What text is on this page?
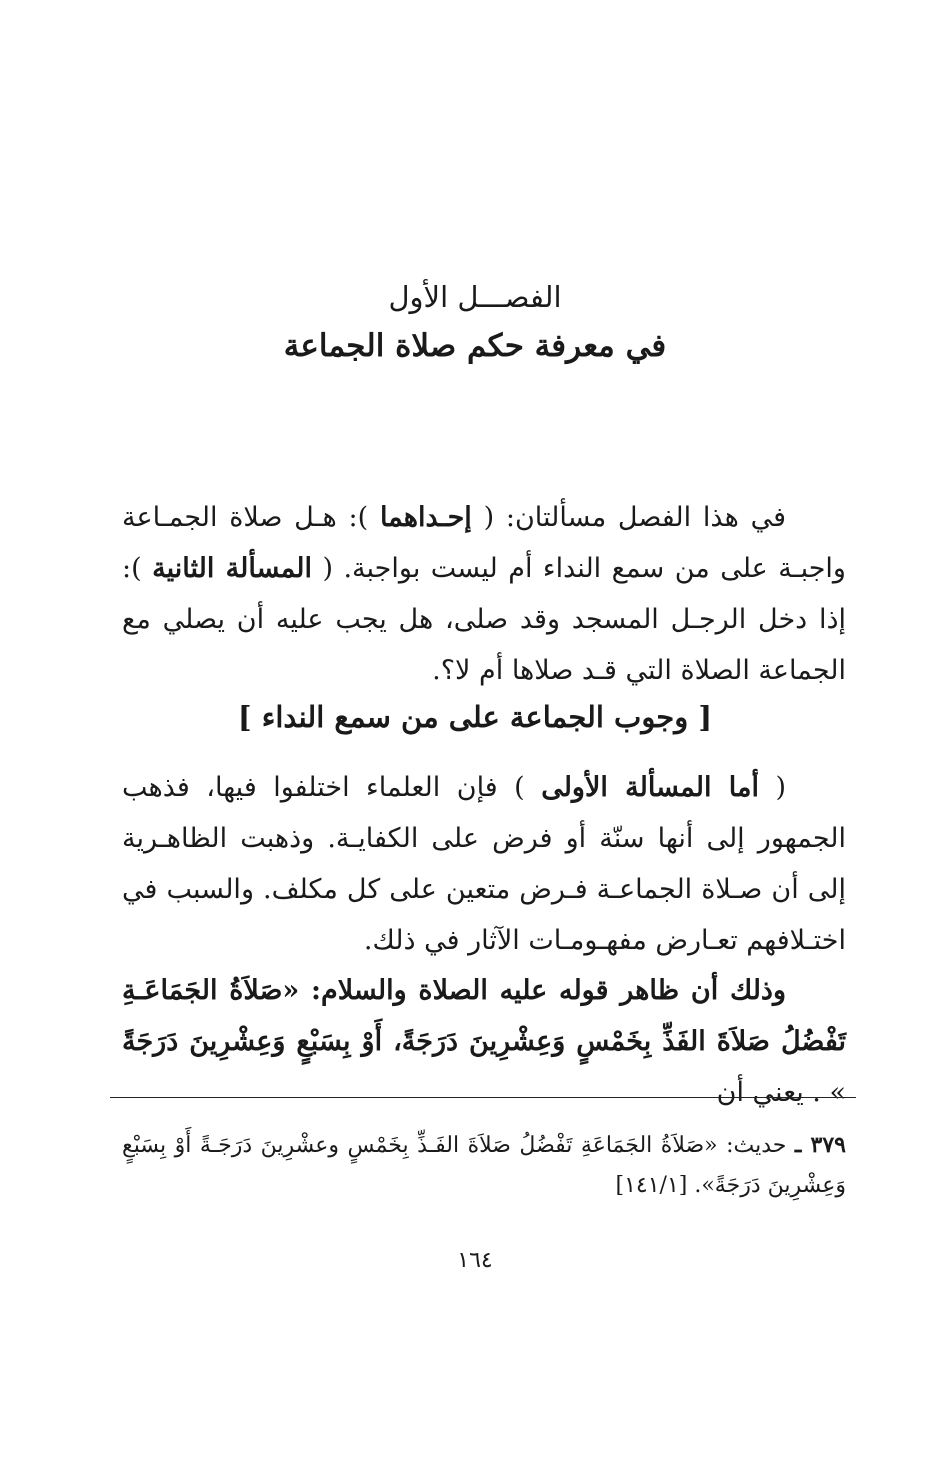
الفصـــل الأول
في معرفة حكم صلاة الجماعة
في هذا الفصل مسألتان: ( إحـداهما ): هـل صلاة الجمـاعة واجبـة على من سمع النداء أم ليست بواجبة. ( المسألة الثانية ): إذا دخل الرجـل المسجد وقد صلى، هل يجب عليه أن يصلي مع الجماعة الصلاة التي قـد صلاها أم لا؟.
[ وجوب الجماعة على من سمع النداء ]
( أما المسألة الأولى ) فإن العلماء اختلفوا فيها، فذهب الجمهور إلى أنها سنّة أو فرض على الكفايـة. وذهبت الظاهـرية إلى أن صـلاة الجماعـة فـرض متعين على كل مكلف. والسبب في اختـلافهم تعـارض مفهـومـات الآثار في ذلك.
وذلك أن ظاهر قوله عليه الصلاة والسلام: «صَلاَةُ الجَمَاعَـةِ تَفْضُلُ صَلاَةَ الفَذِّ بِخَمْسٍ وَعِشْرِينَ دَرَجَةً، أَوْ بِسَبْعٍ وَعِشْرِينَ دَرَجَةً » . يعني أن
٣٧٩ ـ حديث: «صَلاَةُ الجَمَاعَةِ تَفْضُلُ صَلاَةَ الفَـذِّ بِخَمْسٍ وعشْرِينَ دَرَجَـةً أَوْ بِسَبْعٍ وَعِشْرِينَ دَرَجَةً». [١٤١/١]
١٦٤
